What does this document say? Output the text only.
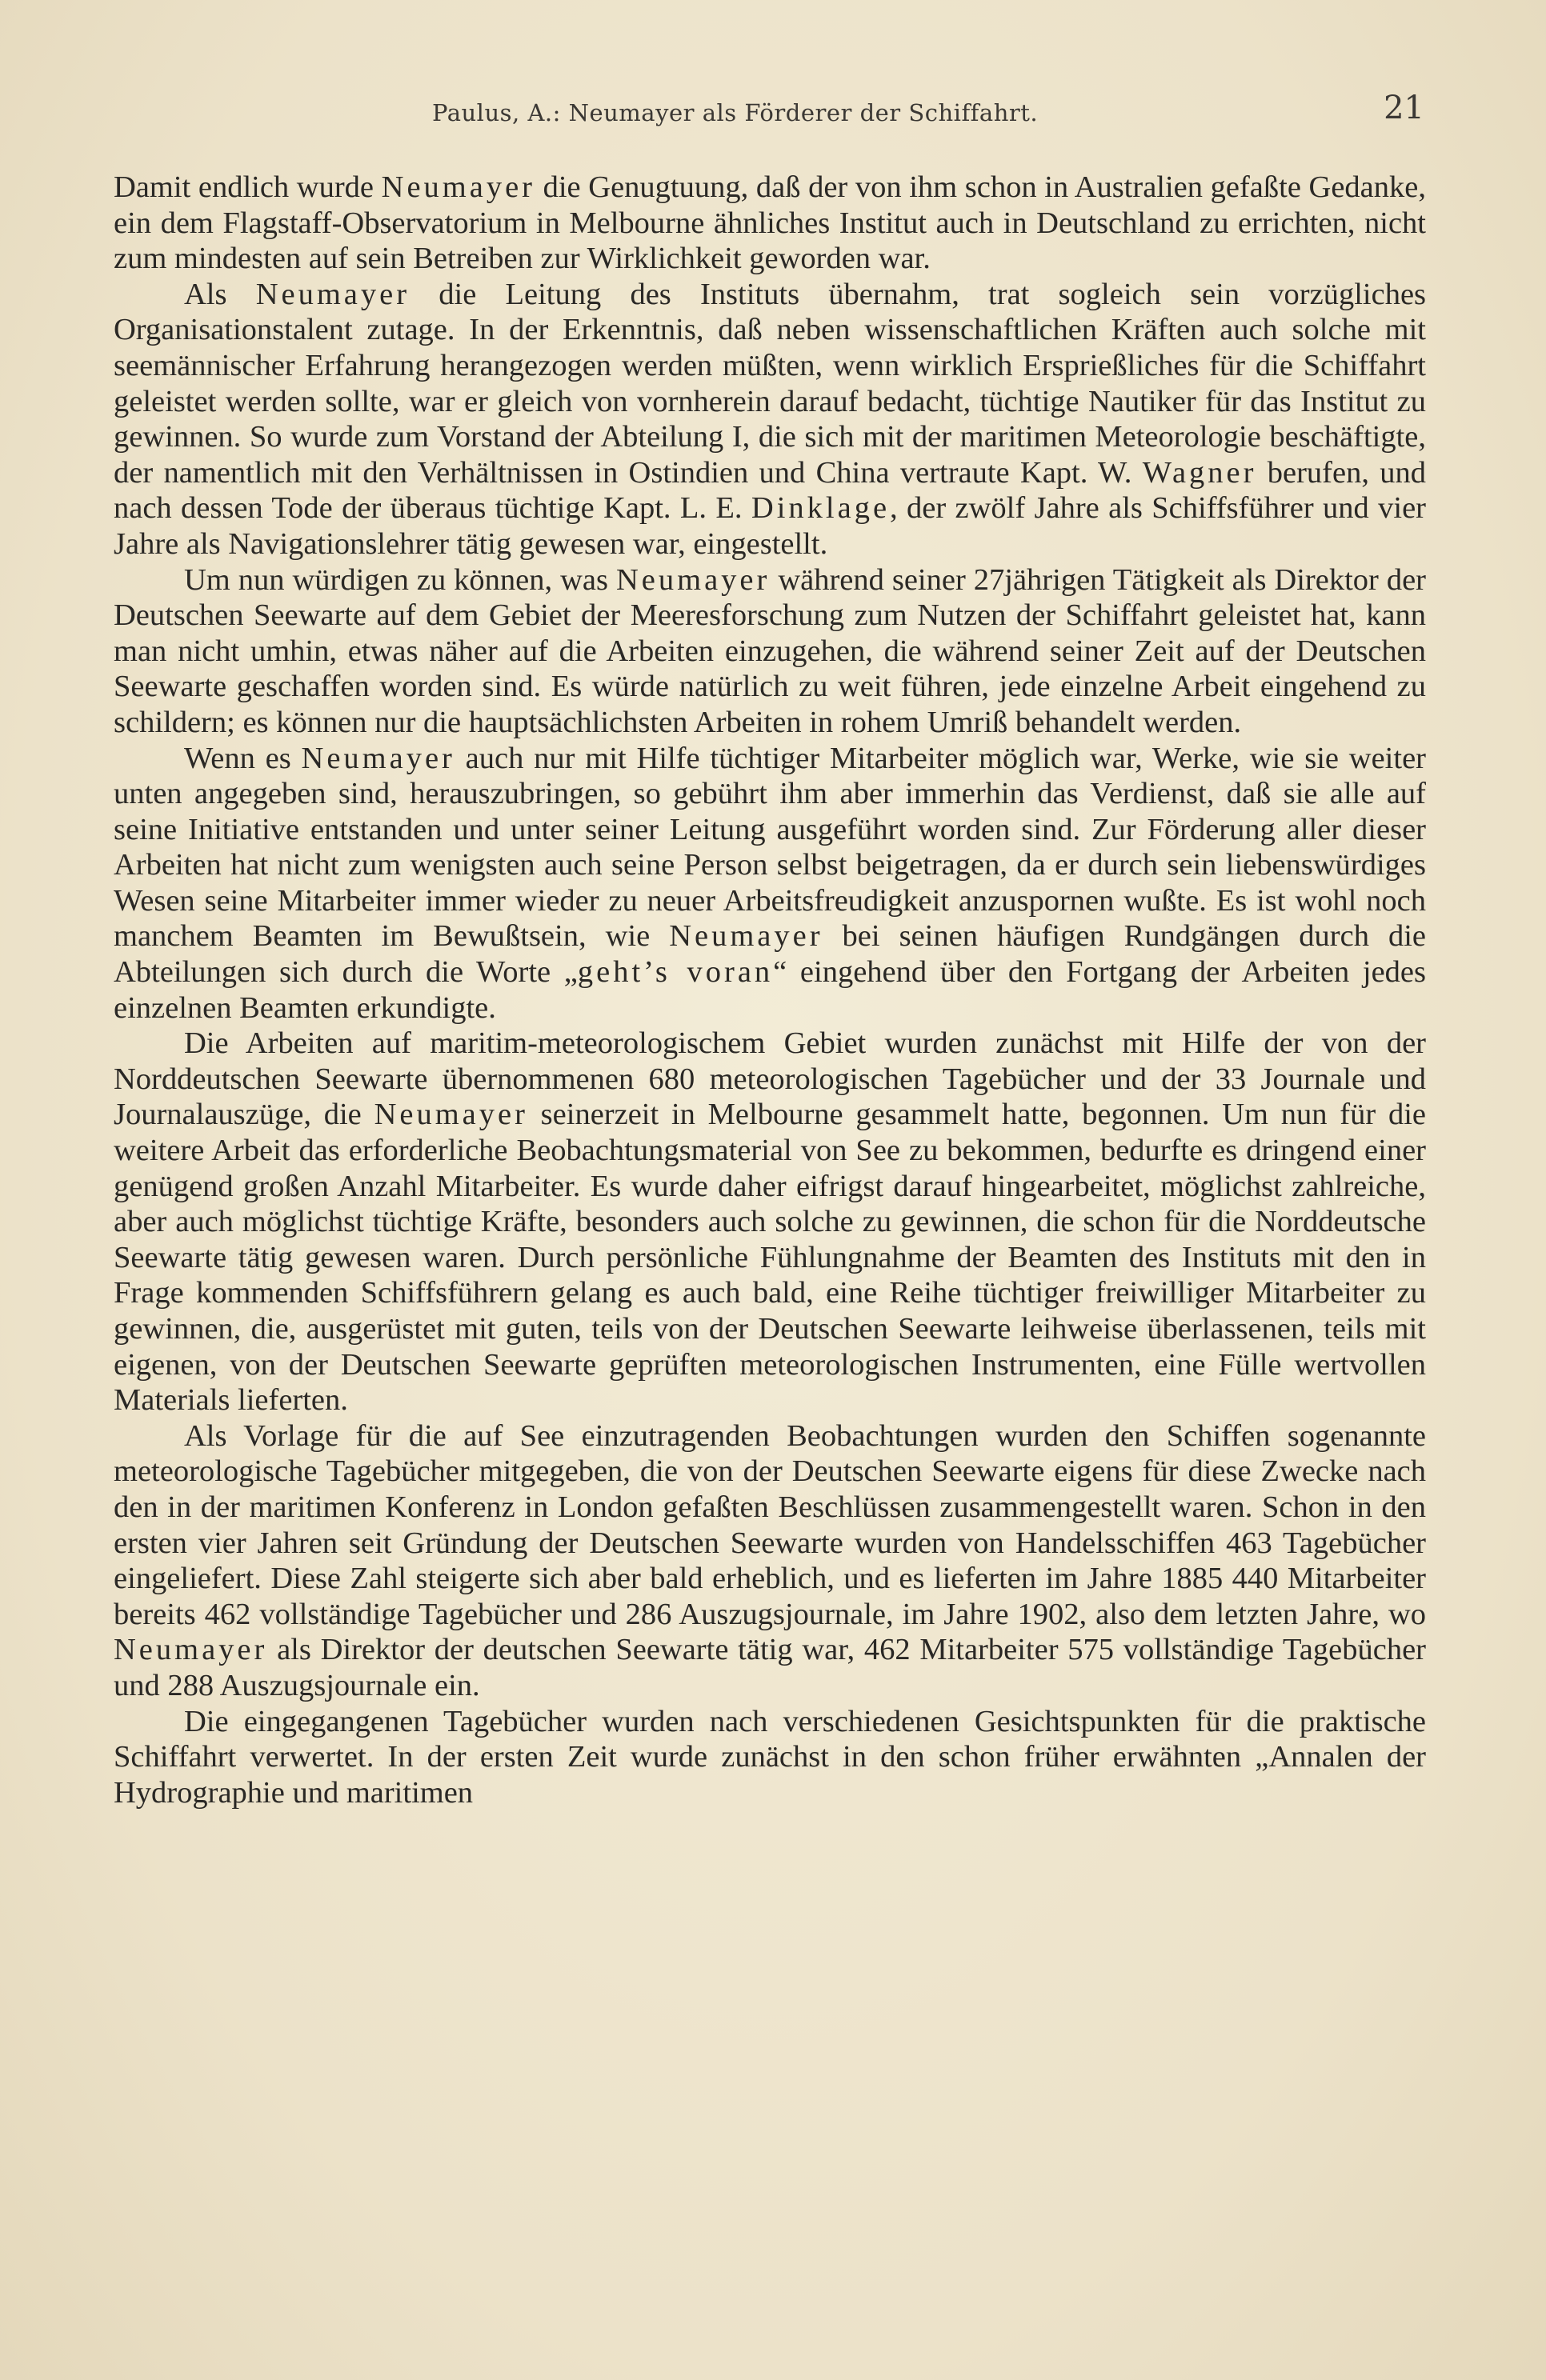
Paulus, A.: Neumayer als Förderer der Schiffahrt.	21

Damit endlich wurde Neumayer die Genugtuung, daß der von ihm schon in Australien gefaßte Gedanke, ein dem Flagstaff-Observatorium in Melbourne ähnliches Institut auch in Deutschland zu errichten, nicht zum mindesten auf sein Betreiben zur Wirklichkeit geworden war.

Als Neumayer die Leitung des Instituts übernahm, trat sogleich sein vorzügliches Organisationstalent zutage. In der Erkenntnis, daß neben wissenschaftlichen Kräften auch solche mit seemännischer Erfahrung herangezogen werden müßten, wenn wirklich Ersprießliches für die Schiffahrt geleistet werden sollte, war er gleich von vornherein darauf bedacht, tüchtige Nautiker für das Institut zu gewinnen. So wurde zum Vorstand der Abteilung I, die sich mit der maritimen Meteorologie beschäftigte, der namentlich mit den Verhältnissen in Ostindien und China vertraute Kapt. W. Wagner berufen, und nach dessen Tode der überaus tüchtige Kapt. L. E. Dinklage, der zwölf Jahre als Schiffsführer und vier Jahre als Navigationslehrer tätig gewesen war, eingestellt.

Um nun würdigen zu können, was Neumayer während seiner 27jährigen Tätigkeit als Direktor der Deutschen Seewarte auf dem Gebiet der Meeresforschung zum Nutzen der Schiffahrt geleistet hat, kann man nicht umhin, etwas näher auf die Arbeiten einzugehen, die während seiner Zeit auf der Deutschen Seewarte geschaffen worden sind. Es würde natürlich zu weit führen, jede einzelne Arbeit eingehend zu schildern; es können nur die hauptsächlichsten Arbeiten in rohem Umriß behandelt werden.

Wenn es Neumayer auch nur mit Hilfe tüchtiger Mitarbeiter möglich war, Werke, wie sie weiter unten angegeben sind, herauszubringen, so gebührt ihm aber immerhin das Verdienst, daß sie alle auf seine Initiative entstanden und unter seiner Leitung ausgeführt worden sind. Zur Förderung aller dieser Arbeiten hat nicht zum wenigsten auch seine Person selbst beigetragen, da er durch sein liebenswürdiges Wesen seine Mitarbeiter immer wieder zu neuer Arbeitsfreudigkeit anzuspornen wußte. Es ist wohl noch manchem Beamten im Bewußtsein, wie Neumayer bei seinen häufigen Rundgängen durch die Abteilungen sich durch die Worte „geht’s voran“ eingehend über den Fortgang der Arbeiten jedes einzelnen Beamten erkundigte.

Die Arbeiten auf maritim-meteorologischem Gebiet wurden zunächst mit Hilfe der von der Norddeutschen Seewarte übernommenen 680 meteorologischen Tagebücher und der 33 Journale und Journalauszüge, die Neumayer seinerzeit in Melbourne gesammelt hatte, begonnen. Um nun für die weitere Arbeit das erforderliche Beobachtungsmaterial von See zu bekommen, bedurfte es dringend einer genügend großen Anzahl Mitarbeiter. Es wurde daher eifrigst darauf hingearbeitet, möglichst zahlreiche, aber auch möglichst tüchtige Kräfte, besonders auch solche zu gewinnen, die schon für die Norddeutsche Seewarte tätig gewesen waren. Durch persönliche Fühlungnahme der Beamten des Instituts mit den in Frage kommenden Schiffsführern gelang es auch bald, eine Reihe tüchtiger freiwilliger Mitarbeiter zu gewinnen, die, ausgerüstet mit guten, teils von der Deutschen Seewarte leihweise überlassenen, teils mit eigenen, von der Deutschen Seewarte geprüften meteorologischen Instrumenten, eine Fülle wertvollen Materials lieferten.

Als Vorlage für die auf See einzutragenden Beobachtungen wurden den Schiffen sogenannte meteorologische Tagebücher mitgegeben, die von der Deutschen Seewarte eigens für diese Zwecke nach den in der maritimen Konferenz in London gefaßten Beschlüssen zusammengestellt waren. Schon in den ersten vier Jahren seit Gründung der Deutschen Seewarte wurden von Handelsschiffen 463 Tagebücher eingeliefert. Diese Zahl steigerte sich aber bald erheblich, und es lieferten im Jahre 1885 440 Mitarbeiter bereits 462 vollständige Tagebücher und 286 Auszugsjournale, im Jahre 1902, also dem letzten Jahre, wo Neumayer als Direktor der deutschen Seewarte tätig war, 462 Mitarbeiter 575 vollständige Tagebücher und 288 Auszugsjournale ein.

Die eingegangenen Tagebücher wurden nach verschiedenen Gesichtspunkten für die praktische Schiffahrt verwertet. In der ersten Zeit wurde zunächst in den schon früher erwähnten „Annalen der Hydrographie und maritimen
